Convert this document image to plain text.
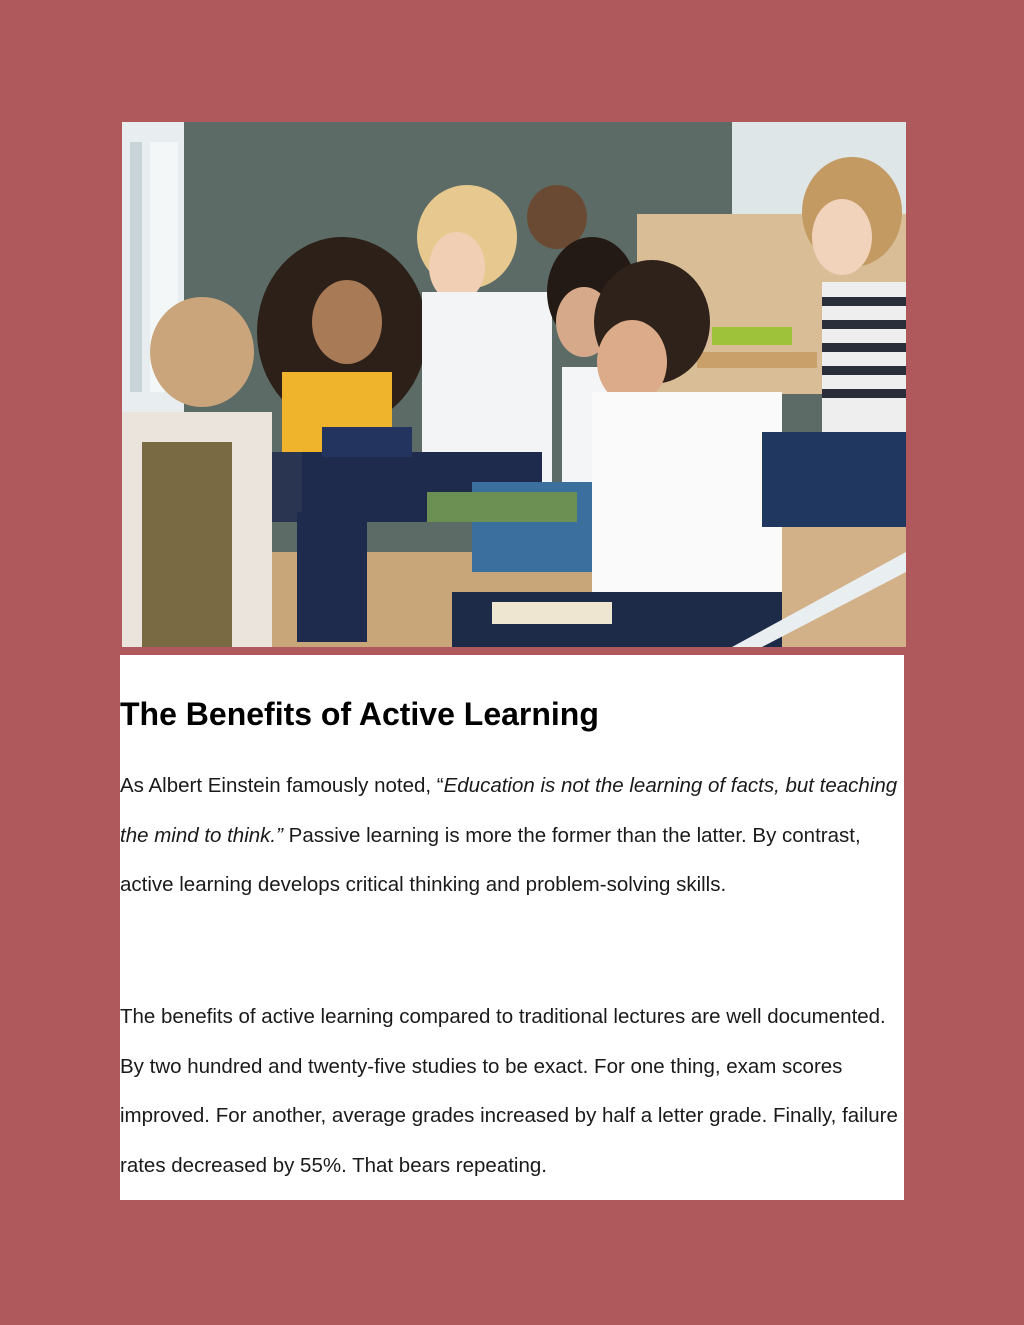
The Benefits of Active Learning

As Albert Einstein famously noted, “Education is not the learning of facts, but teaching the mind to think.” Passive learning is more the former than the latter. By contrast, active learning develops critical thinking and problem-solving skills.

The benefits of active learning compared to traditional lectures are well documented. By two hundred and twenty-five studies to be exact. For one thing, exam scores improved. For another, average grades increased by half a letter grade. Finally, failure rates decreased by 55%. That bears repeating.
